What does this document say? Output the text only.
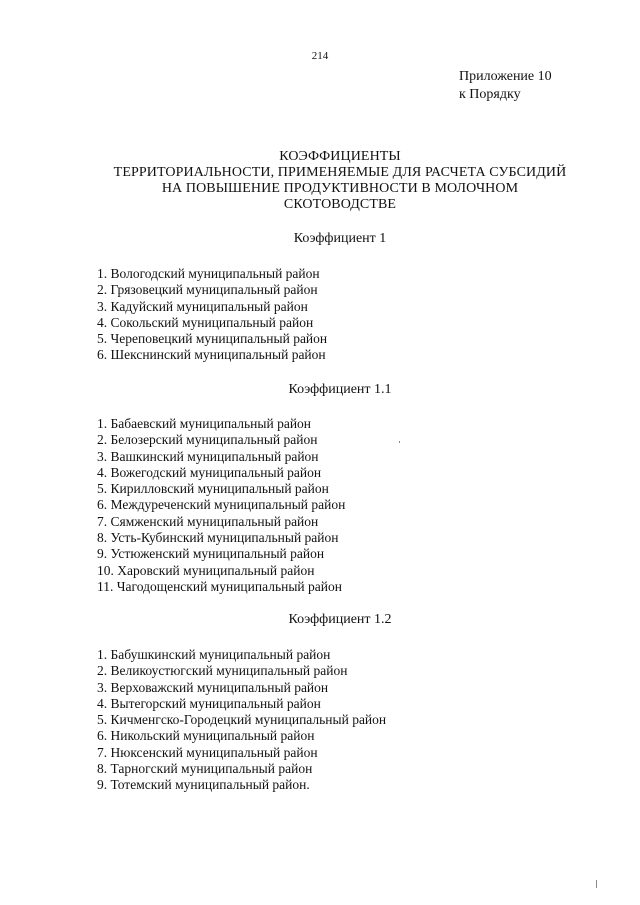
214
Приложение 10
к Порядку
КОЭФФИЦИЕНТЫ
ТЕРРИТОРИАЛЬНОСТИ, ПРИМЕНЯЕМЫЕ ДЛЯ РАСЧЕТА СУБСИДИЙ
НА ПОВЫШЕНИЕ ПРОДУКТИВНОСТИ В МОЛОЧНОМ
СКОТОВОДСТВЕ
Коэффициент 1
1. Вологодский муниципальный район
2. Грязовецкий муниципальный район
3. Кадуйский муниципальный район
4. Сокольский муниципальный район
5. Череповецкий муниципальный район
6. Шекснинский муниципальный район
Коэффициент 1.1
1. Бабаевский муниципальный район
2. Белозерский муниципальный район
3. Вашкинский муниципальный район
4. Вожегодский муниципальный район
5. Кирилловский муниципальный район
6. Междуреченский муниципальный район
7. Сямженский муниципальный район
8. Усть-Кубинский муниципальный район
9. Устюженский муниципальный район
10. Харовский муниципальный район
11. Чагодощенский муниципальный район
Коэффициент 1.2
1. Бабушкинский муниципальный район
2. Великоустюгский муниципальный район
3. Верховажский муниципальный район
4. Вытегорский муниципальный район
5. Кичменгско-Городецкий муниципальный район
6. Никольский муниципальный район
7. Нюксенский муниципальный район
8. Тарногский муниципальный район
9. Тотемский муниципальный район.
